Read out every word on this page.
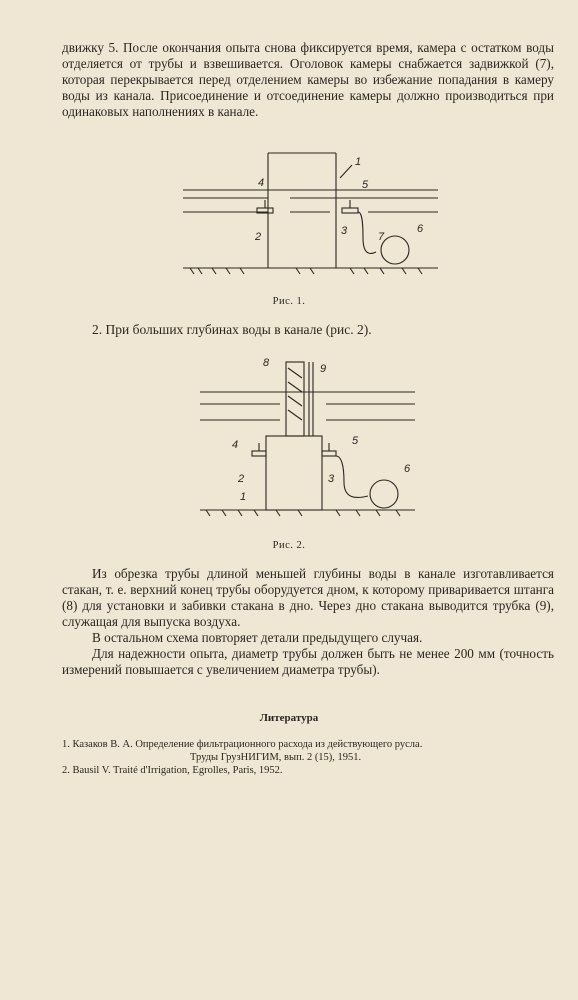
движку 5. После окончания опыта снова фиксируется время, камера с остатком воды отделяется от трубы и взвешивается. Оголовок камеры снабжается задвижкой (7), которая перекрывается перед отделением камеры во избежание попадания в камеру воды из канала. Присоединение и отсоединение камеры должно производиться при одинаковых наполнениях в канале.

1
2	3
4	5
6
7
Рис. 1.
2. При больших глубинах воды в канале (рис. 2).
8	9
4	5
2	3
1
6
Рис. 2.

Из обрезка трубы длиной меньшей глубины воды в канале изготавливается стакан, т. е. верхний конец трубы оборудуется дном, к которому приваривается штанга (8) для установки и забивки стакана в дно. Через дно стакана выводится трубка (9), служащая для выпуска воздуха.

В остальном схема повторяет детали предыдущего случая.

Для надежности опыта, диаметр трубы должен быть не менее 200 мм (точность измерений повышается с увеличением диаметра трубы).

Литература
1. Казаков В. А. Определение фильтрационного расхода из действующего русла.
Труды ГрузНИГИМ, вып. 2 (15), 1951.
2. Bausil V. Traité d'Irrigation, Egrolles, Paris, 1952.
